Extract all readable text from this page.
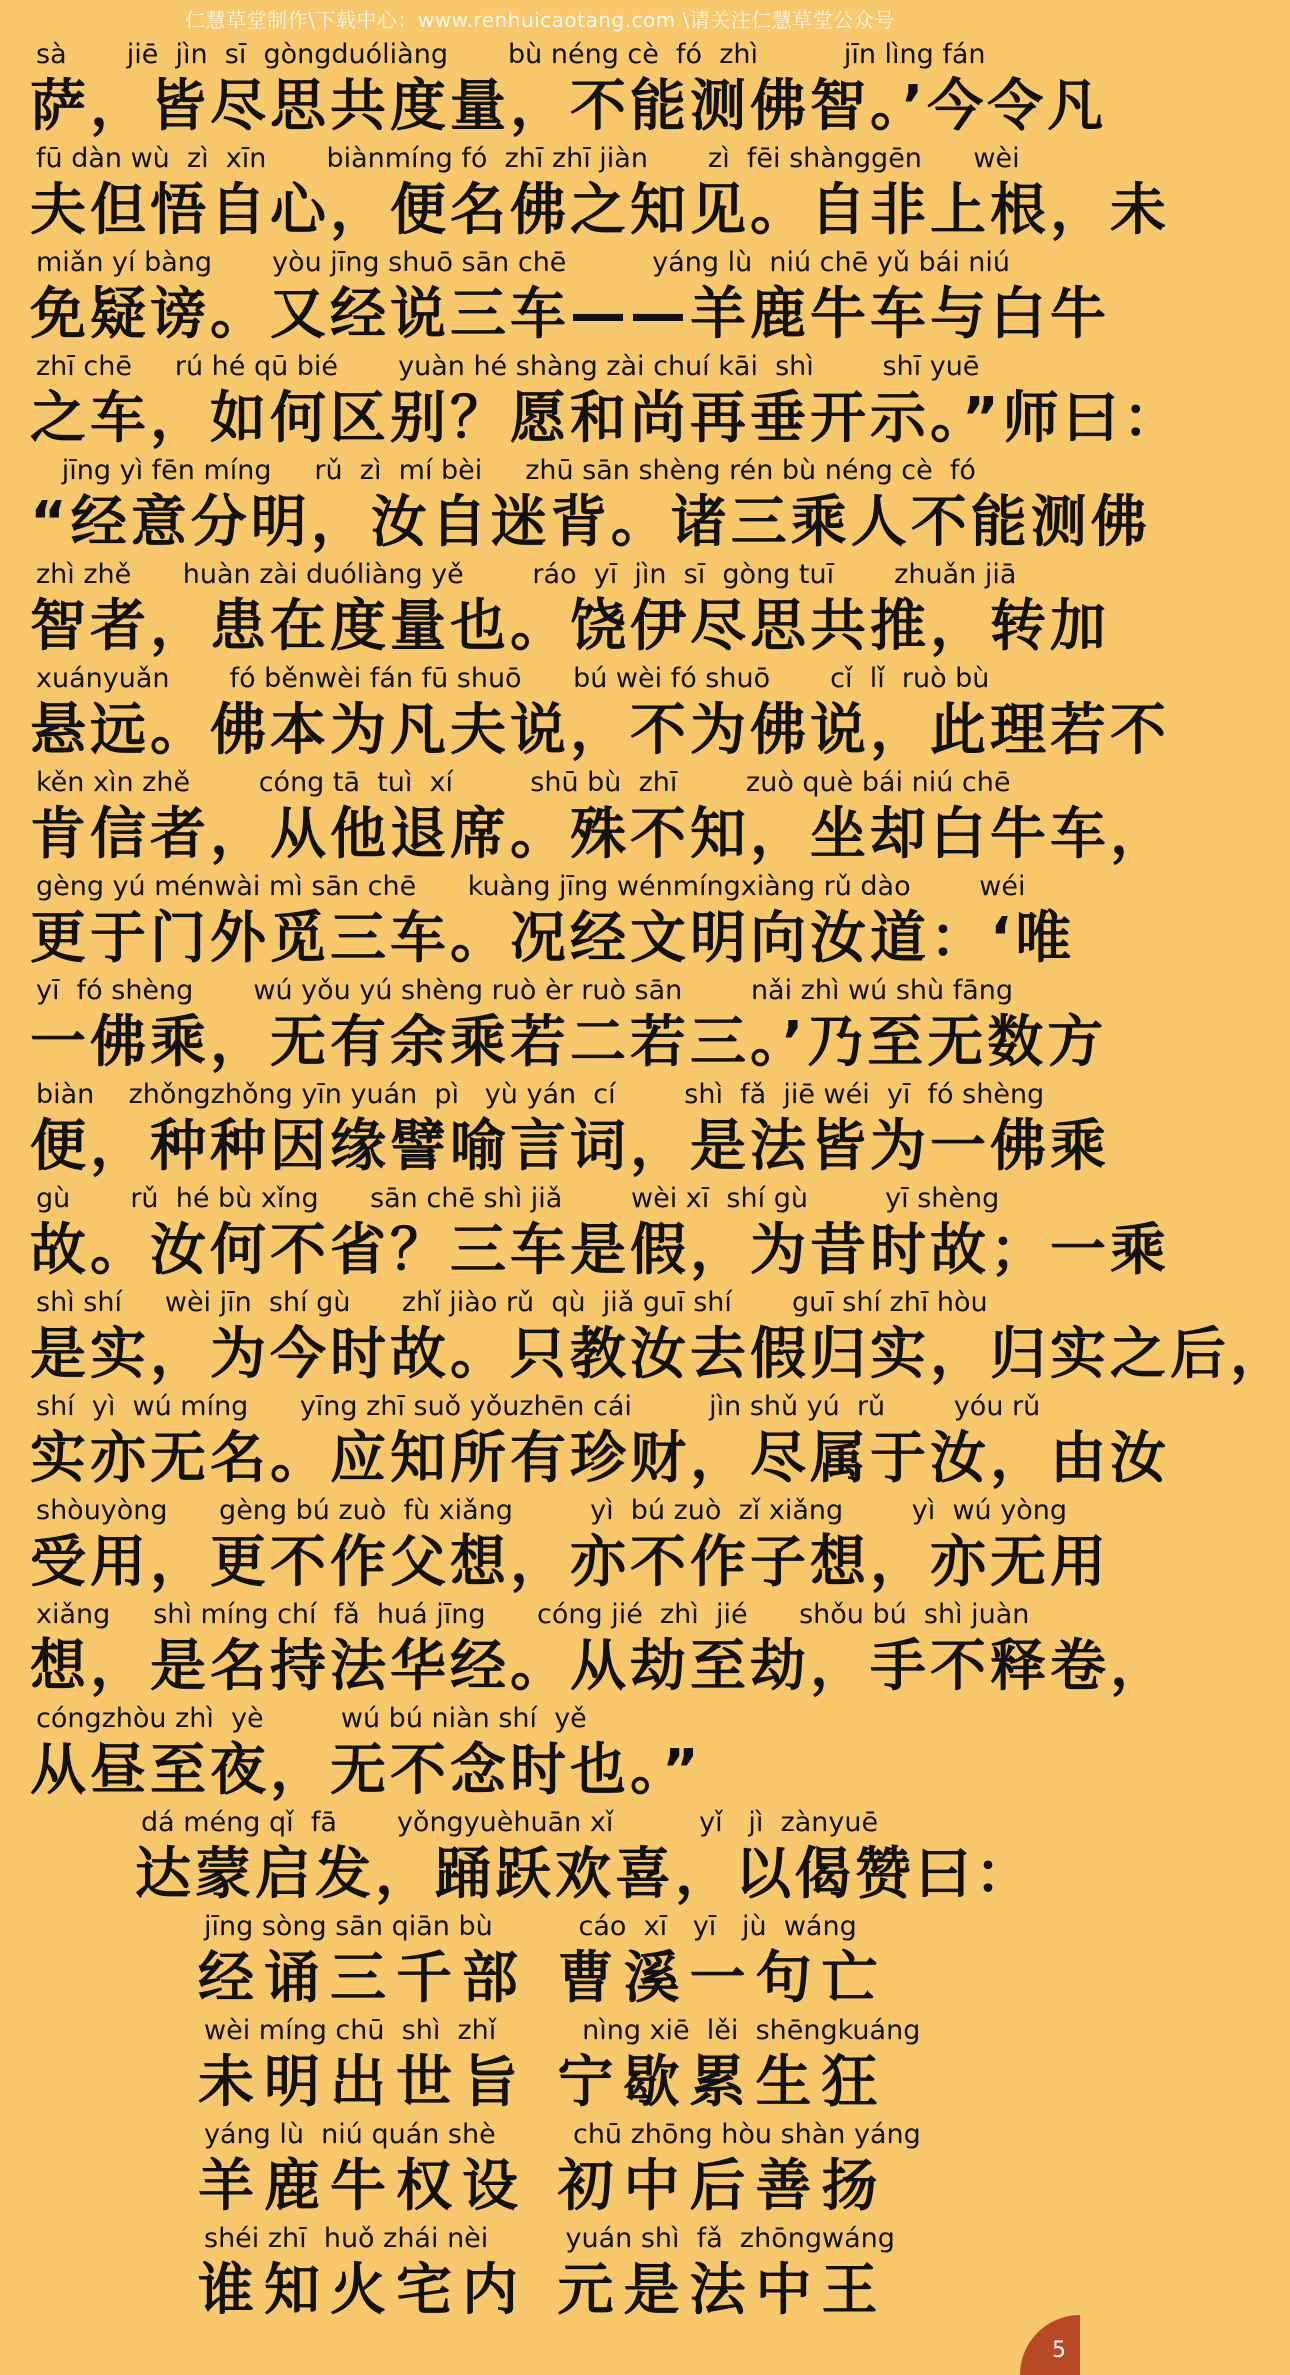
仁慧草堂制作\下载中心：www.renhuicaotang.com \请关注仁慧草堂公众号
sà       jiē  jìn  sī  gòngduóliàng       bù néng cè  fó  zhì          jīn lìng fán
萨，皆尽思共度量，不能测佛智。’今令凡
fū dàn wù  zì  xīn       biànmíng fó  zhī zhī jiàn       zì  fēi shànggēn      wèi
夫但悟自心，便名佛之知见。自非上根，未
miǎn yí bàng       yòu jīng shuō sān chē          yáng lù  niú chē yǔ bái niú
免疑谤。又经说三车——羊鹿牛车与白牛
zhī chē     rú hé qū bié       yuàn hé shàng zài chuí kāi  shì        shī yuē
之车，如何区别？愿和尚再垂开示。”师曰：
jīng yì fēn míng     rǔ  zì  mí bèi     zhū sān shèng rén bù néng cè  fó
“经意分明，汝自迷背。诸三乘人不能测佛
zhì zhě      huàn zài duóliàng yě        ráo  yī  jìn  sī  gòng tuī       zhuǎn jiā
智者，患在度量也。饶伊尽思共推，转加
xuányuǎn       fó běnwèi fán fū shuō      bú wèi fó shuō       cǐ  lǐ  ruò bù
悬远。佛本为凡夫说，不为佛说，此理若不
kěn xìn zhě        cóng tā  tuì  xí         shū bù  zhī        zuò què bái niú chē
肯信者，从他退席。殊不知，坐却白牛车，
gèng yú ménwài mì sān chē      kuàng jīng wénmíngxiàng rǔ dào        wéi
更于门外觅三车。况经文明向汝道：‘唯
yī  fó shèng       wú yǒu yú shèng ruò èr ruò sān        nǎi zhì wú shù fāng
一佛乘，无有余乘若二若三。’乃至无数方
biàn    zhǒngzhǒng yīn yuán  pì   yù yán  cí        shì  fǎ  jiē wéi  yī  fó shèng
便，种种因缘譬喻言词，是法皆为一佛乘
gù       rǔ  hé bù xǐng      sān chē shì jiǎ        wèi xī  shí gù         yī shèng
故。汝何不省？三车是假，为昔时故；一乘
shì shí     wèi jīn  shí gù      zhǐ jiào rǔ  qù  jiǎ guī shí       guī shí zhī hòu
是实，为今时故。只教汝去假归实，归实之后，
shí  yì  wú míng      yīng zhī suǒ yǒuzhēn cái         jìn shǔ yú  rǔ        yóu rǔ
实亦无名。应知所有珍财，尽属于汝，由汝
shòuyòng      gèng bú zuò  fù xiǎng         yì  bú zuò  zǐ xiǎng        yì  wú yòng
受用，更不作父想，亦不作子想，亦无用
xiǎng     shì míng chí  fǎ  huá jīng      cóng jié  zhì  jié      shǒu bú  shì juàn
想，是名持法华经。从劫至劫，手不释卷，
cóngzhòu zhì  yè         wú bú niàn shí  yě
从昼至夜，无不念时也。”
dá méng qǐ  fā       yǒngyuèhuān xǐ          yǐ   jì  zànyuē
达蒙启发，踊跃欢喜，以偈赞曰：
jīng sòng sān qiān bù          cáo  xī   yī   jù  wáng
经诵三千部 曹溪一句亡
wèi míng chū  shì  zhǐ          nìng xiē  lěi  shēngkuáng
未明出世旨 宁歇累生狂
yáng lù  niú quán shè         chū zhōng hòu shàn yáng
羊鹿牛权设 初中后善扬
shéi zhī  huǒ zhái nèi         yuán shì  fǎ  zhōngwáng
谁知火宅内 元是法中王
5
